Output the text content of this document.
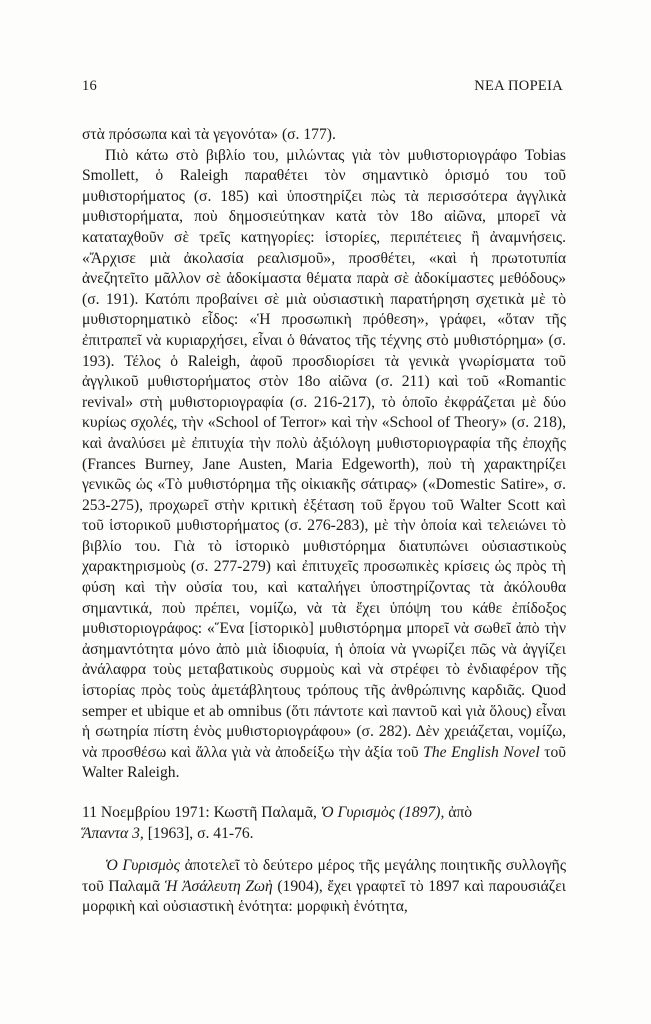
16	ΝΕΑ ΠΟΡΕΙΑ

στὰ πρόσωπα καὶ τὰ γεγονότα» (σ. 177).

Πιὸ κάτω στὸ βιβλίο του, μιλώντας γιὰ τὸν μυθιστοριογράφο Tobias Smollett, ὁ Raleigh παραθέτει τὸν σημαντικὸ ὁρισμό του τοῦ μυθιστορήματος (σ. 185) καὶ ὑποστηρίζει πὼς τὰ περισσότερα ἀγγλικὰ μυθιστορήματα, ποὺ δημοσιεύτηκαν κατὰ τὸν 18ο αἰῶνα, μπορεῖ νὰ καταταχθοῦν σὲ τρεῖς κατηγορίες: ἱστορίες, περιπέτειες ἢ ἀναμνήσεις. «Ἄρχισε μιὰ ἀκολασία ρεαλισμοῦ», προσθέτει, «καὶ ἡ πρωτοτυπία ἀνεζητεῖτο μᾶλλον σὲ ἀδοκίμαστα θέματα παρὰ σὲ ἀδοκίμαστες μεθόδους» (σ. 191). Κατόπι προβαίνει σὲ μιὰ οὐσιαστικὴ παρατήρηση σχετικὰ μὲ τὸ μυθιστορηματικὸ εἶδος: «Ἡ προσωπικὴ πρόθεση», γράφει, «ὅταν τῆς ἐπιτραπεῖ νὰ κυριαρχήσει, εἶναι ὁ θάνατος τῆς τέχνης στὸ μυθιστόρημα» (σ. 193). Τέλος ὁ Raleigh, ἀφοῦ προσδιορίσει τὰ γενικὰ γνωρίσματα τοῦ ἀγγλικοῦ μυθιστορήματος στὸν 18ο αἰῶνα (σ. 211) καὶ τοῦ «Romantic revival» στὴ μυθιστοριογραφία (σ. 216-217), τὸ ὁποῖο ἐκφράζεται μὲ δύο κυρίως σχολές, τὴν «School of Terror» καὶ τὴν «School of Theory» (σ. 218), καὶ ἀναλύσει μὲ ἐπιτυχία τὴν πολὺ ἀξιόλογη μυθιστοριογραφία τῆς ἐποχῆς (Frances Burney, Jane Austen, Maria Edgeworth), ποὺ τὴ χαρακτηρίζει γενικῶς ὡς «Τὸ μυθιστόρημα τῆς οἰκιακῆς σάτιρας» («Domestic Satire», σ. 253-275), προχωρεῖ στὴν κριτικὴ ἐξέταση τοῦ ἔργου τοῦ Walter Scott καὶ τοῦ ἱστορικοῦ μυθιστορήματος (σ. 276-283), μὲ τὴν ὁποία καὶ τελειώνει τὸ βιβλίο του. Γιὰ τὸ ἱστορικὸ μυθιστόρημα διατυπώνει οὐσιαστικοὺς χαρακτηρισμοὺς (σ. 277-279) καὶ ἐπιτυχεῖς προσωπικὲς κρίσεις ὡς πρὸς τὴ φύση καὶ τὴν οὐσία του, καὶ καταλήγει ὑποστηρίζοντας τὰ ἀκόλουθα σημαντικά, ποὺ πρέπει, νομίζω, νὰ τὰ ἔχει ὑπόψη του κάθε ἐπίδοξος μυθιστοριογράφος: «Ἕνα [ἱστορικὸ] μυθιστόρημα μπορεῖ νὰ σωθεῖ ἀπὸ τὴν ἀσημαντότητα μόνο ἀπὸ μιὰ ἰδιοφυία, ἡ ὁποία νὰ γνωρίζει πῶς νὰ ἀγγίζει ἀνάλαφρα τοὺς μεταβατικοὺς συρμοὺς καὶ νὰ στρέφει τὸ ἐνδιαφέρον τῆς ἱστορίας πρὸς τοὺς ἀμετάβλητους τρόπους τῆς ἀνθρώπινης καρδιᾶς. Quod semper et ubique et ab omnibus (ὅτι πάντοτε καὶ παντοῦ καὶ γιὰ ὅλους) εἶναι ἡ σωτηρία πίστη ἑνὸς μυθιστοριογράφου» (σ. 282). Δὲν χρειάζεται, νομίζω, νὰ προσθέσω καὶ ἄλλα γιὰ νὰ ἀποδείξω τὴν ἀξία τοῦ The English Novel τοῦ Walter Raleigh.

11 Νοεμβρίου 1971: Κωστῆ Παλαμᾶ, Ὁ Γυρισμὸς (1897), ἀπὸ

Ἅπαντα 3, [1963], σ. 41-76.

Ὁ Γυρισμὸς ἀποτελεῖ τὸ δεύτερο μέρος τῆς μεγάλης ποιητικῆς συλλογῆς τοῦ Παλαμᾶ Ἡ Ἀσάλευτη Ζωὴ (1904), ἔχει γραφτεῖ τὸ 1897 καὶ παρουσιάζει μορφικὴ καὶ οὐσιαστικὴ ἑνότητα: μορφικὴ ἑνότητα,
